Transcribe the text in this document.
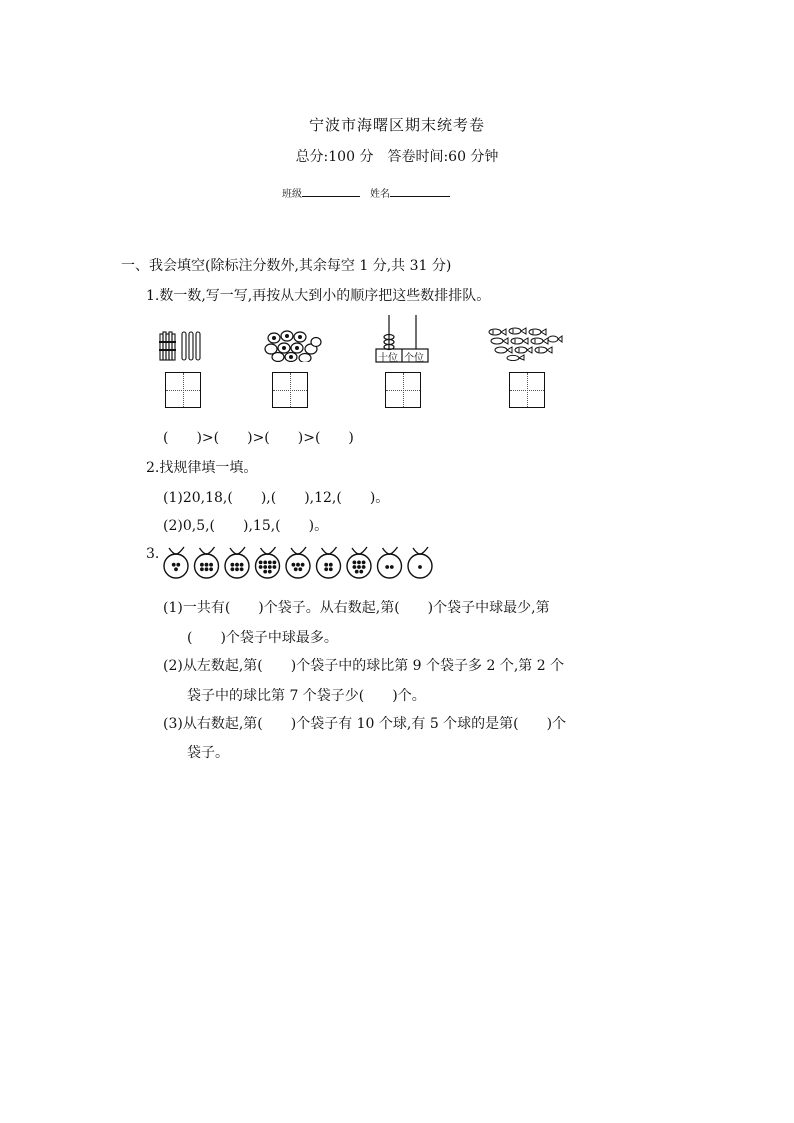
宁波市海曙区期末统考卷
总分:100 分　答卷时间:60 分钟
班级	姓名
一、我会填空(除标注分数外,其余每空 1 分,共 31 分)
1.数一数,写一写,再按从大到小的顺序把这些数排排队。
十位 个位
(　　)>(　　)>(　　)>(　　)
2.找规律填一填。
(1)20,18,(　　),(　　),12,(　　)。
(2)0,5,(　　),15,(　　)。
3.
(1)一共有(　　)个袋子。从右数起,第(　　)个袋子中球最少,第
(　　)个袋子中球最多。
(2)从左数起,第(　　)个袋子中的球比第 9 个袋子多 2 个,第 2 个
袋子中的球比第 7 个袋子少(　　)个。
(3)从右数起,第(　　)个袋子有 10 个球,有 5 个球的是第(　　)个
袋子。
